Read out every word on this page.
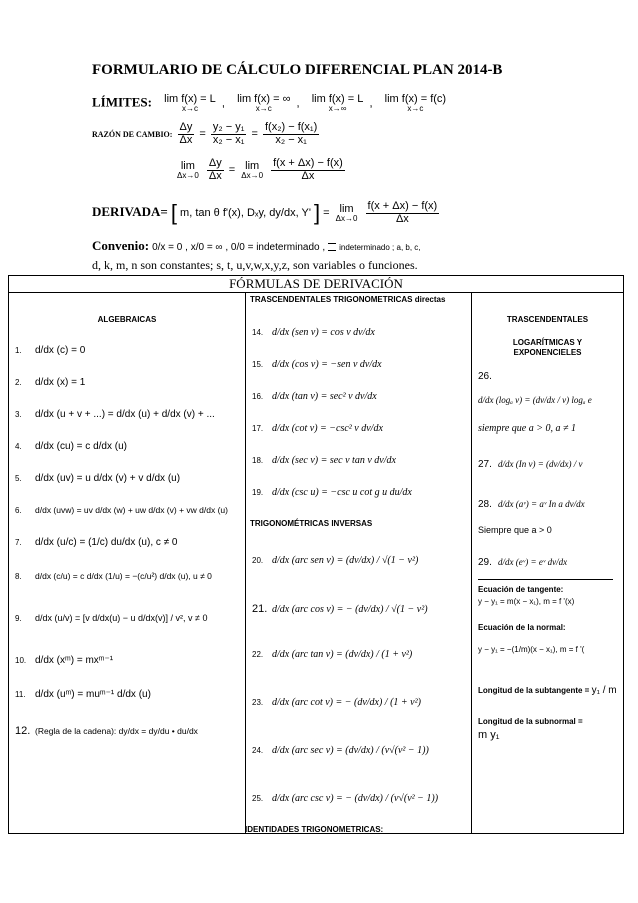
FORMULARIO DE CÁLCULO DIFERENCIAL PLAN 2014-B
LÍMITES: lim f(x) = L
x→c , lim f(x) = ∞
x→c , lim f(x) = L
x→∞ , lim f(x) = f(c)
x→c
RAZÓN DE CAMBIO: $\frac{\Delta y}{\Delta x} = \frac{\text{y₂ − y₁}}{\text{x₂ − x₁}} = \frac{\text{f(x₂) − f(x₁)}}{\text{x₂ − x₁}}$
lim
Δx→0
$\frac{\Delta y}{\Delta x} = \lim$
Δx→0
$\frac{f(x + \Delta x) - f(x)}{\Delta x}$
DERIVADA= [ m, tan θ f'(x), Dₓy, dy/dx, Y' ] = lim
Δx→0
$\frac{f(x + \Delta x) - f(x)}{\Delta x}$
Convenio: 0/x = 0 , x/0 = ∞ , 0/0 = indeterminado , indeterminado ; a, b, c,
d, k, m, n son constantes; s, t, u,v,w,x,y,z, son variables o funciones.
FÓRMULAS DE DERIVACIÓN

ALGEBRAICAS
1. d/dx (c) = 0
2. d/dx (x) = 1
3. d/dx (u + v + ...) = d/dx (u) + d/dx (v) + ...
4. d/dx (cu) = c d/dx (u)
5. d/dx (uv) = u d/dx (v) + v d/dx (u)
6. d/dx (uvw) = uv d/dx (w) + uw d/dx (v) + vw d/dx (u)
7. d/dx (u/c) = (1/c) du/dx (u), c ≠ 0
8. d/dx (c/u) = c d/dx (1/u) = −(c/u²) d/dx (u), u ≠ 0
9. d/dx (u/v) = [v d/dx(u) − u d/dx(v)] / v², v ≠ 0
10. d/dx (xᵐ) = mxᵐ⁻¹
11. d/dx (uᵐ) = muᵐ⁻¹ d/dx (u)
12. (Regla de la cadena): dy/dx = dy/du • du/dx

TRASCENDENTALES TRIGONOMETRICAS directas
14. d/dx (sen v) = cos v dv/dx
15. d/dx (cos v) = −sen v dv/dx
16. d/dx (tan v) = sec² v dv/dx
17. d/dx (cot v) = −csc² v dv/dx
18. d/dx (sec v) = sec v tan v dv/dx
19. d/dx (csc u) = −csc u cot g u du/dx
TRIGONOMÉTRICAS INVERSAS
20. d/dx (arc sen v) = (dv/dx) / √(1 − v²)
21. d/dx (arc cos v) = − (dv/dx) / √(1 − v²)
22. d/dx (arc tan v) = (dv/dx) / (1 + v²)
23. d/dx (arc cot v) = − (dv/dx) / (1 + v²)
24. d/dx (arc sec v) = (dv/dx) / (v√(v² − 1))
25. d/dx (arc csc v) = − (dv/dx) / (v√(v² − 1))

TRASCENDENTALES
LOGARÍTMICAS Y EXPONENCIELES
26.
d/dx (logₐ v) = (dv/dx / v) logₐ e
siempre que a > 0, a ≠ 1
27. d/dx (In v) = (dv/dx) / v
28. d/dx (aᵛ) = aᵛ In a dv/dx
Siempre que a > 0
29. d/dx (eᵛ) = eᵛ dv/dx
Ecuación de tangente:
y − y₁ = m(x − x₁), m = f '(x)
Ecuación de la normal:
y − y₁ = −(1/m)(x − x₁), m = f '(
Longitud de la subtangente = y₁ / m
Longitud de la subnormal =
m y₁
IDENTIDADES TRIGONOMETRICAS:
